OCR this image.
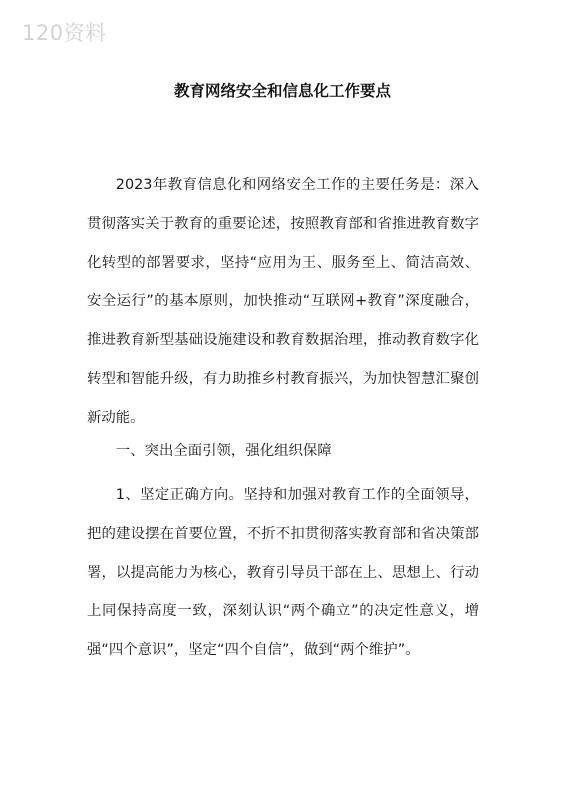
120资料
教育网络安全和信息化工作要点

2023年教育信息化和网络安全工作的主要任务是：深入贯彻落实关于教育的重要论述，按照教育部和省推进教育数字化转型的部署要求，坚持“应用为王、服务至上、简洁高效、安全运行”的基本原则，加快推动“互联网+教育”深度融合，推进教育新型基础设施建设和教育数据治理，推动教育数字化转型和智能升级，有力助推乡村教育振兴，为加快智慧汇聚创新动能。

一、突出全面引领，强化组织保障

1、坚定正确方向。坚持和加强对教育工作的全面领导，把的建设摆在首要位置，不折不扣贯彻落实教育部和省决策部署，以提高能力为核心，教育引导员干部在上、思想上、行动上同保持高度一致，深刻认识“两个确立”的决定性意义，增强“四个意识”，坚定“四个自信”，做到“两个维护”。
